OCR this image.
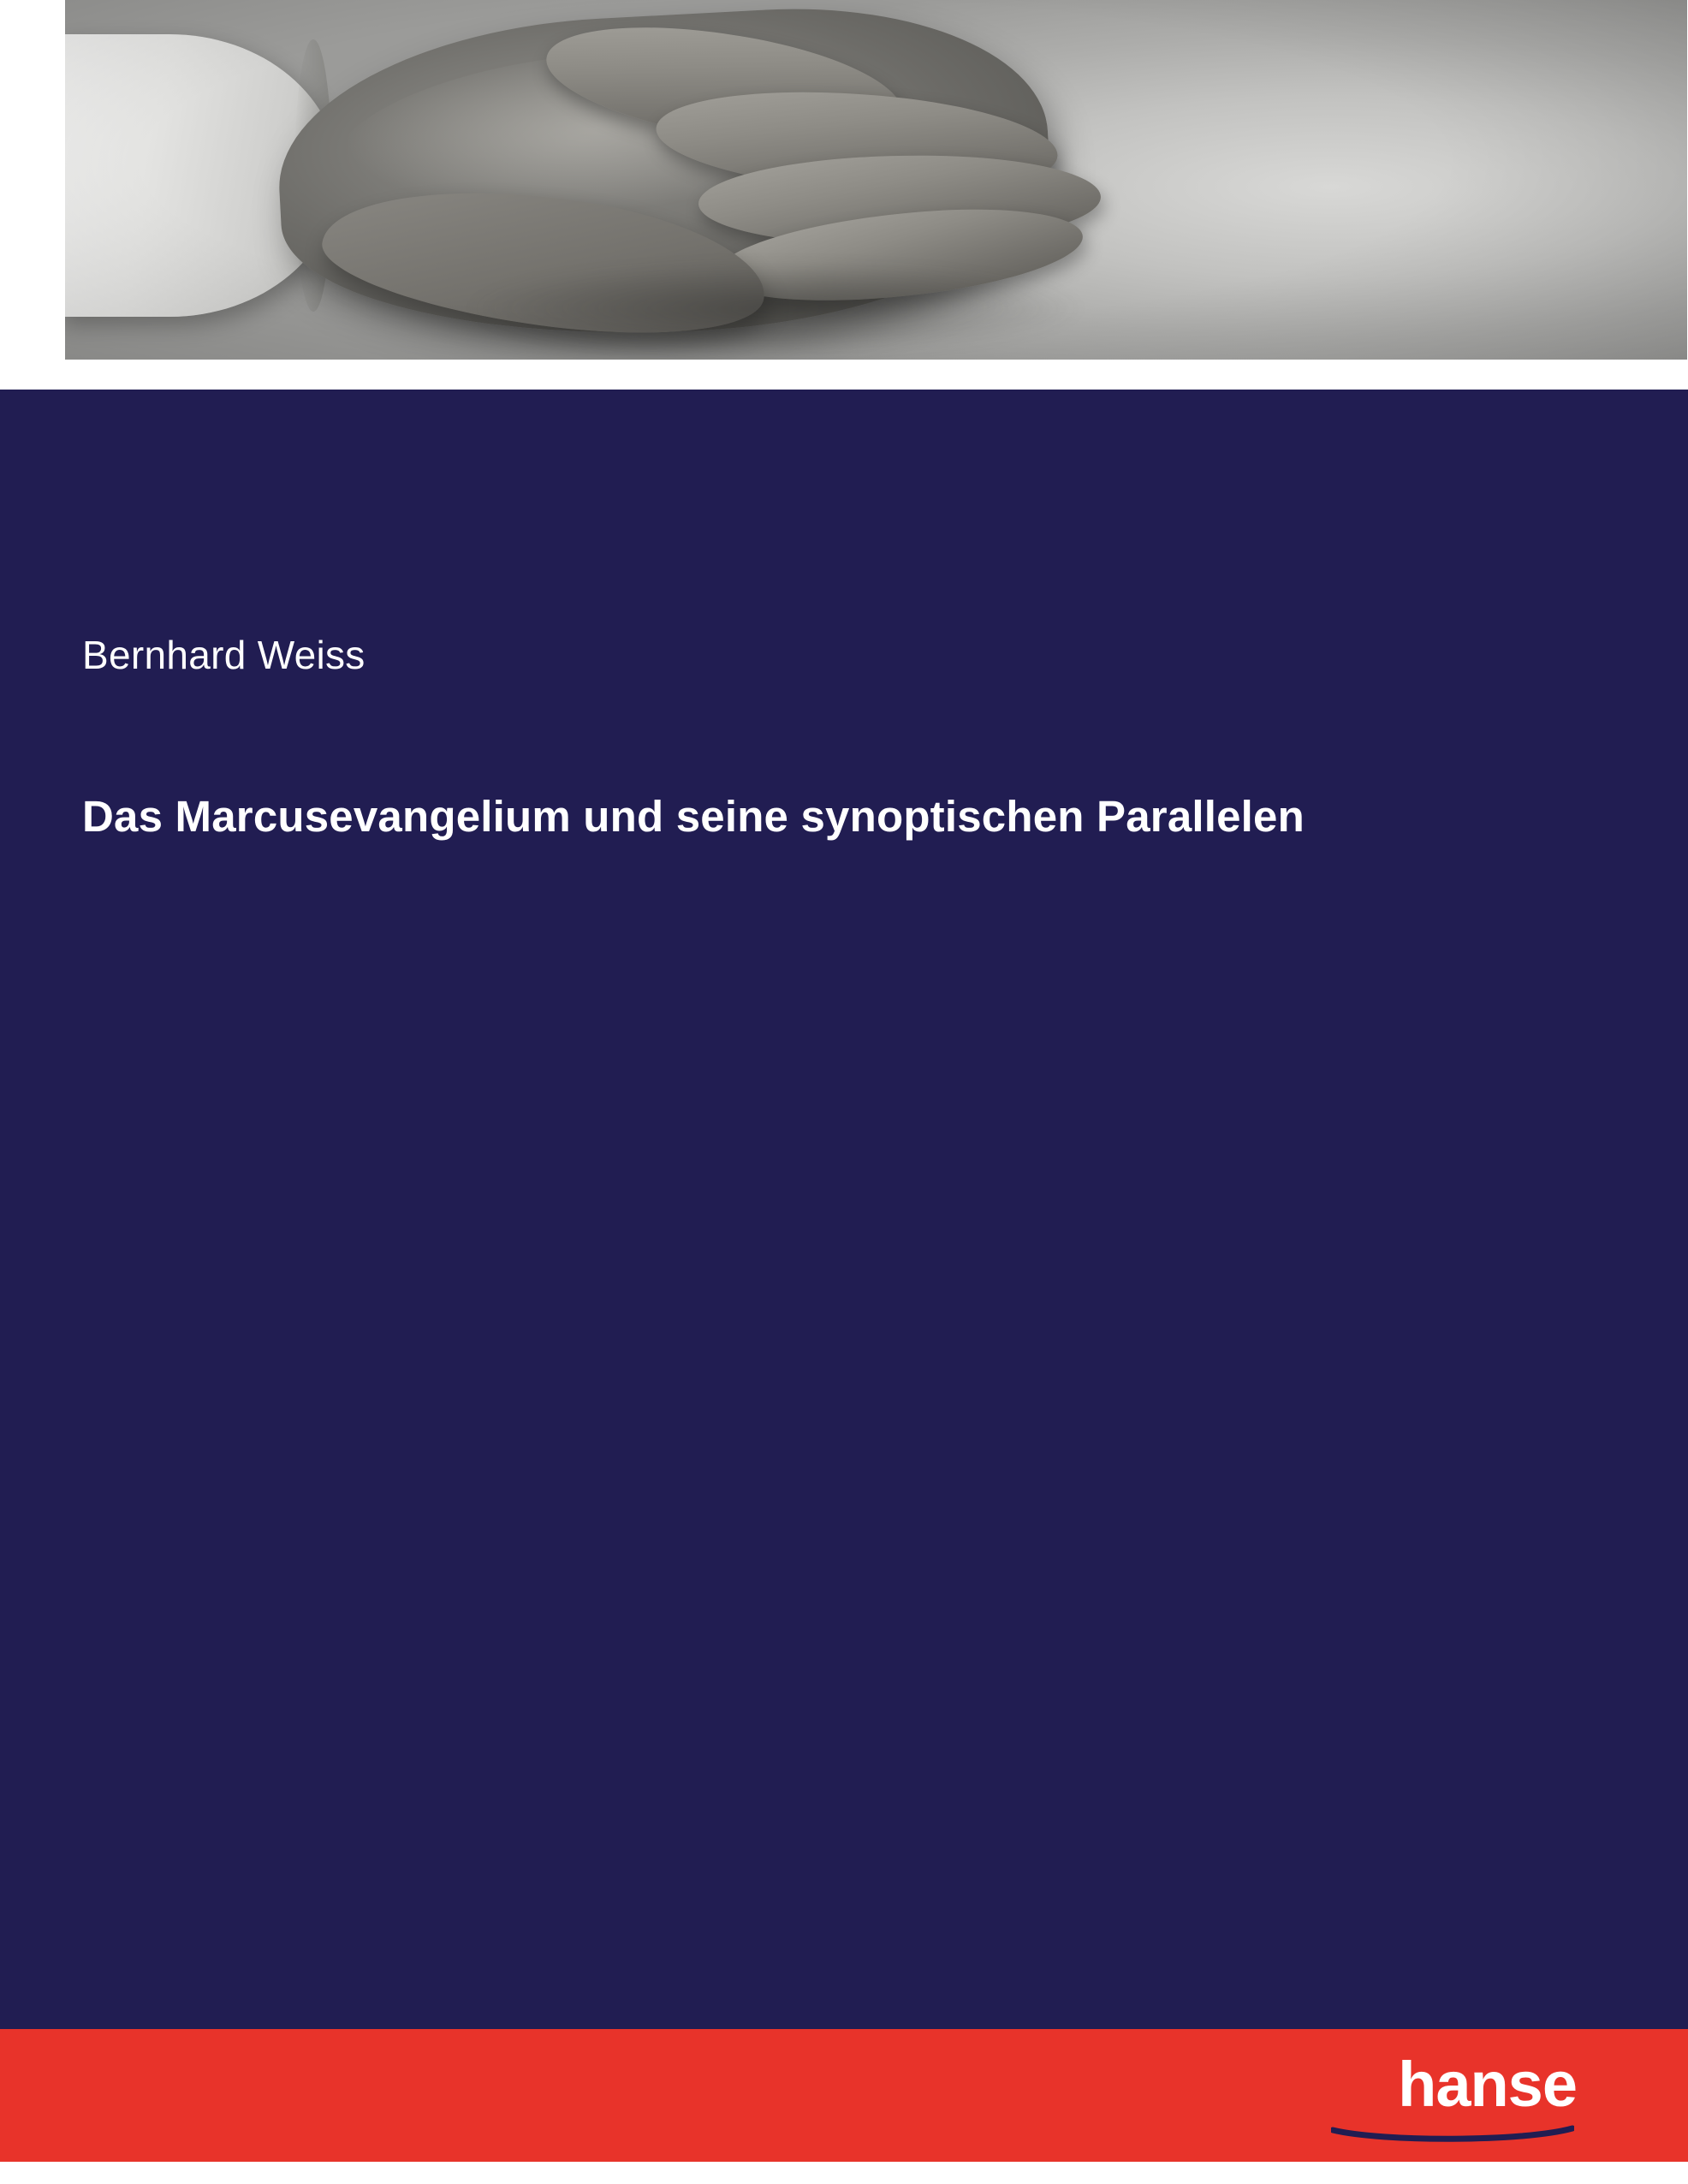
Bernhard Weiss
Das Marcusevangelium und seine synoptischen Parallelen
hanse
